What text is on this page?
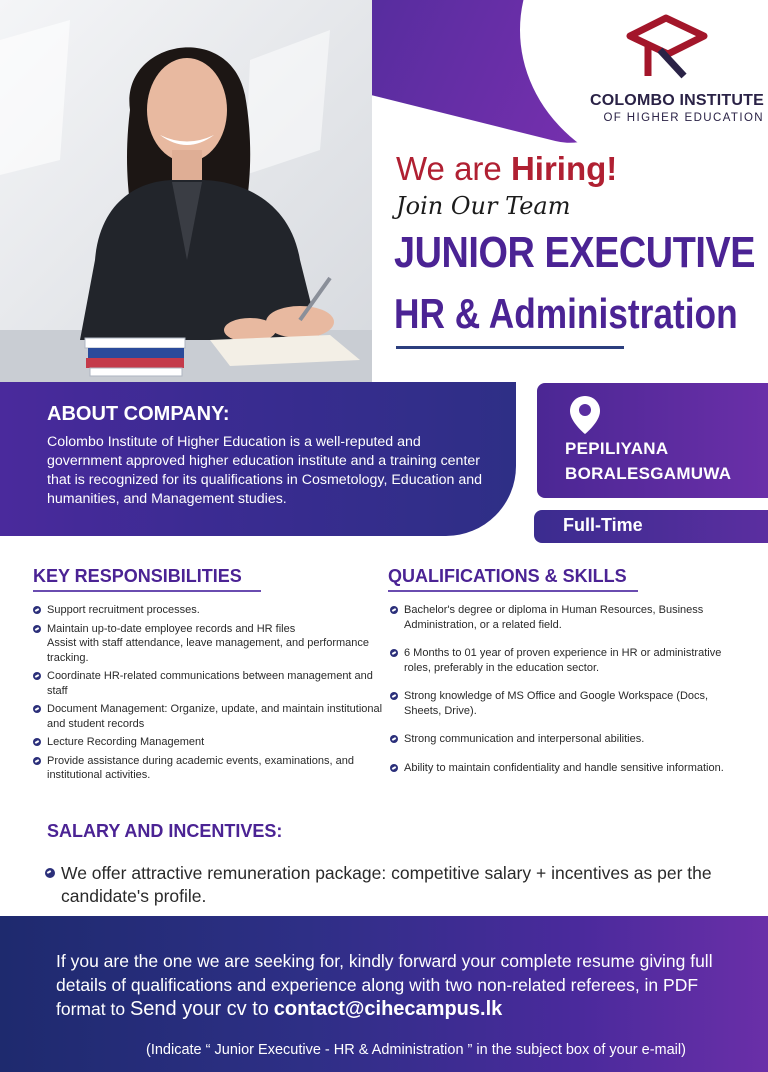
COLOMBO INSTITUTE
OF HIGHER EDUCATION
We are Hiring!
Join Our Team
JUNIOR EXECUTIVE
HR & Administration
ABOUT COMPANY:
Colombo Institute of Higher Education is a well-reputed and government approved higher education institute and a training center that is recognized for its qualifications in Cosmetology, Education and humanities, and Management studies.
PEPILIYANA
BORALESGAMUWA
Full-Time
KEY RESPONSIBILITIES
Support recruitment processes.
Maintain up-to-date employee records and HR files
Assist with staff attendance, leave management, and performance tracking.
Coordinate HR-related communications between management and staff
Document Management: Organize, update, and maintain institutional and student records
Lecture Recording Management
Provide assistance during academic events, examinations, and institutional activities.
QUALIFICATIONS & SKILLS
Bachelor's degree or diploma in Human Resources, Business Administration, or a related field.
6 Months to 01 year of proven experience in HR or administrative roles, preferably in the education sector.
Strong knowledge of MS Office and Google Workspace (Docs, Sheets, Drive).
Strong communication and interpersonal abilities.
Ability to maintain confidentiality and handle sensitive information.
SALARY AND INCENTIVES:
We offer attractive remuneration package: competitive salary + incentives as per the candidate's profile.
If you are the one we are seeking for, kindly forward your complete resume giving full details of qualifications and experience along with two non-related referees, in PDF format to Send your cv to contact@cihecampus.lk
(Indicate “ Junior Executive - HR & Administration ” in the subject box of your e-mail)
